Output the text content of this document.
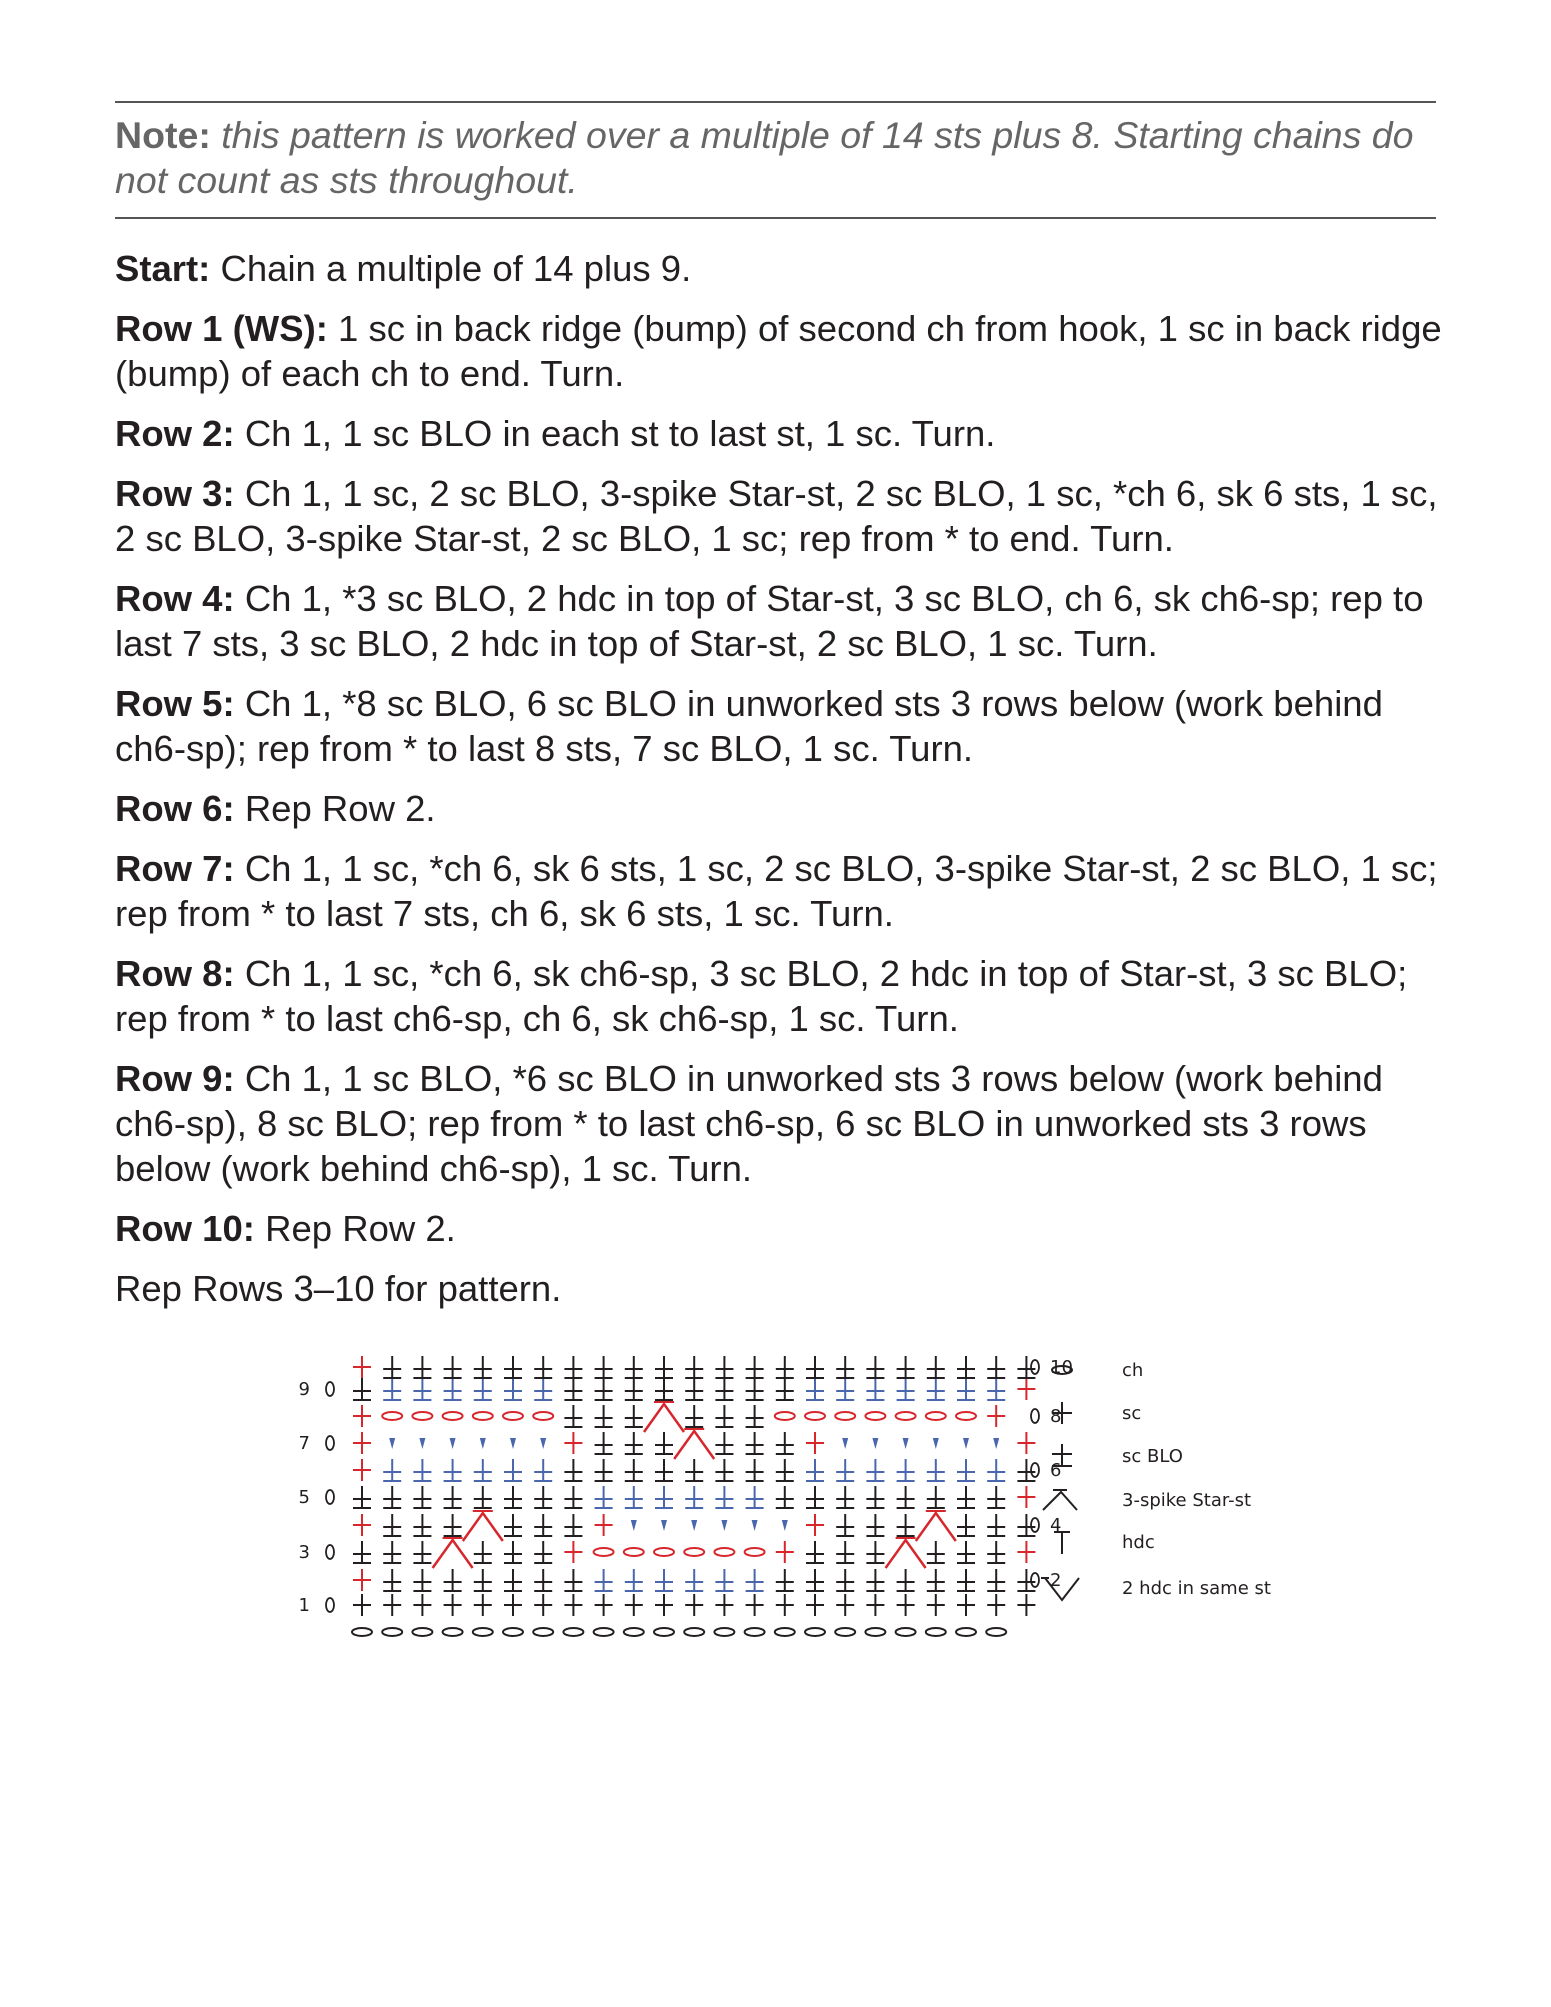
Note: this pattern is worked over a multiple of 14 sts plus 8. Starting chains do not count as sts throughout.

Start: Chain a multiple of 14 plus 9.

Row 1 (WS): 1 sc in back ridge (bump) of second ch from hook, 1 sc in back ridge (bump) of each ch to end. Turn.

Row 2: Ch 1, 1 sc BLO in each st to last st, 1 sc. Turn.

Row 3: Ch 1, 1 sc, 2 sc BLO, 3-spike Star-st, 2 sc BLO, 1 sc, *ch 6, sk 6 sts, 1 sc, 2 sc BLO, 3-spike Star-st, 2 sc BLO, 1 sc; rep from * to end. Turn.

Row 4: Ch 1, *3 sc BLO, 2 hdc in top of Star-st, 3 sc BLO, ch 6, sk ch6-sp; rep to last 7 sts, 3 sc BLO, 2 hdc in top of Star-st, 2 sc BLO, 1 sc. Turn.

Row 5: Ch 1, *8 sc BLO, 6 sc BLO in unworked sts 3 rows below (work behind ch6-sp); rep from * to last 8 sts, 7 sc BLO, 1 sc. Turn.

Row 6: Rep Row 2.

Row 7: Ch 1, 1 sc, *ch 6, sk 6 sts, 1 sc, 2 sc BLO, 3-spike Star-st, 2 sc BLO, 1 sc; rep from * to last 7 sts, ch 6, sk 6 sts, 1 sc. Turn.

Row 8: Ch 1, 1 sc, *ch 6, sk ch6-sp, 3 sc BLO, 2 hdc in top of Star-st, 3 sc BLO; rep from * to last ch6-sp, ch 6, sk ch6-sp, 1 sc. Turn.

Row 9: Ch 1, 1 sc BLO, *6 sc BLO in unworked sts 3 rows below (work behind ch6-sp), 8 sc BLO; rep from * to last ch6-sp, 6 sc BLO in unworked sts 3 rows below (work behind ch6-sp), 1 sc. Turn.

Row 10: Rep Row 2.

Rep Rows 3–10 for pattern.

1
2
3
4
5
6
7
8
9
10	ch
sc
sc BLO
3-spike Star-st
hdc
2 hdc in same st
